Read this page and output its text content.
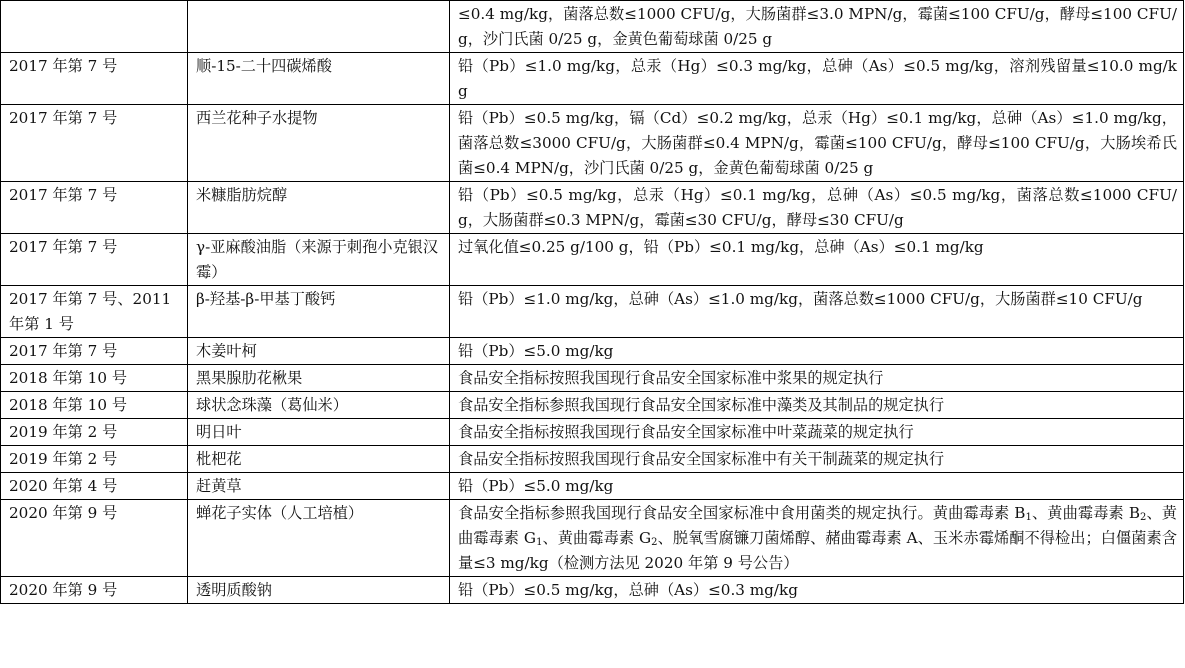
		≤0.4 mg/kg，菌落总数≤1000 CFU/g，大肠菌群≤3.0 MPN/g，霉菌≤100 CFU/g，酵母≤100 CFU/g，沙门氏菌 0/25 g，金黄色葡萄球菌 0/25 g
2017 年第 7 号	顺-15-二十四碳烯酸	铅（Pb）≤1.0 mg/kg，总汞（Hg）≤0.3 mg/kg，总砷（As）≤0.5 mg/kg，溶剂残留量≤10.0 mg/kg
2017 年第 7 号	西兰花种子水提物	铅（Pb）≤0.5 mg/kg，镉（Cd）≤0.2 mg/kg，总汞（Hg）≤0.1 mg/kg，总砷（As）≤1.0 mg/kg，菌落总数≤3000 CFU/g，大肠菌群≤0.4 MPN/g，霉菌≤100 CFU/g，酵母≤100 CFU/g，大肠埃希氏菌≤0.4 MPN/g，沙门氏菌 0/25 g，金黄色葡萄球菌 0/25 g
2017 年第 7 号	米糠脂肪烷醇	铅（Pb）≤0.5 mg/kg，总汞（Hg）≤0.1 mg/kg，总砷（As）≤0.5 mg/kg，菌落总数≤1000 CFU/g，大肠菌群≤0.3 MPN/g，霉菌≤30 CFU/g，酵母≤30 CFU/g
2017 年第 7 号	γ-亚麻酸油脂（来源于刺孢小克银汉霉）	过氧化值≤0.25 g/100 g，铅（Pb）≤0.1 mg/kg，总砷（As）≤0.1 mg/kg
2017 年第 7 号、2011 年第 1 号	β-羟基-β-甲基丁酸钙	铅（Pb）≤1.0 mg/kg，总砷（As）≤1.0 mg/kg，菌落总数≤1000 CFU/g，大肠菌群≤10 CFU/g
2017 年第 7 号	木姜叶柯	铅（Pb）≤5.0 mg/kg
2018 年第 10 号	黑果腺肋花楸果	食品安全指标按照我国现行食品安全国家标准中浆果的规定执行
2018 年第 10 号	球状念珠藻（葛仙米）	食品安全指标参照我国现行食品安全国家标准中藻类及其制品的规定执行
2019 年第 2 号	明日叶	食品安全指标按照我国现行食品安全国家标准中叶菜蔬菜的规定执行
2019 年第 2 号	枇杷花	食品安全指标按照我国现行食品安全国家标准中有关干制蔬菜的规定执行
2020 年第 4 号	赶黄草	铅（Pb）≤5.0 mg/kg
2020 年第 9 号	蝉花子实体（人工培植）	食品安全指标参照我国现行食品安全国家标准中食用菌类的规定执行。黄曲霉毒素 $B_1$、黄曲霉毒素 $B_2$、黄曲霉毒素 $G_1$、黄曲霉毒素 $G_2$、脱氧雪腐镰刀菌烯醇、赭曲霉毒素 A、玉米赤霉烯酮不得检出；白僵菌素含量≤3 mg/kg（检测方法见 2020 年第 9 号公告）
2020 年第 9 号	透明质酸钠	铅（Pb）≤0.5 mg/kg，总砷（As）≤0.3 mg/kg
